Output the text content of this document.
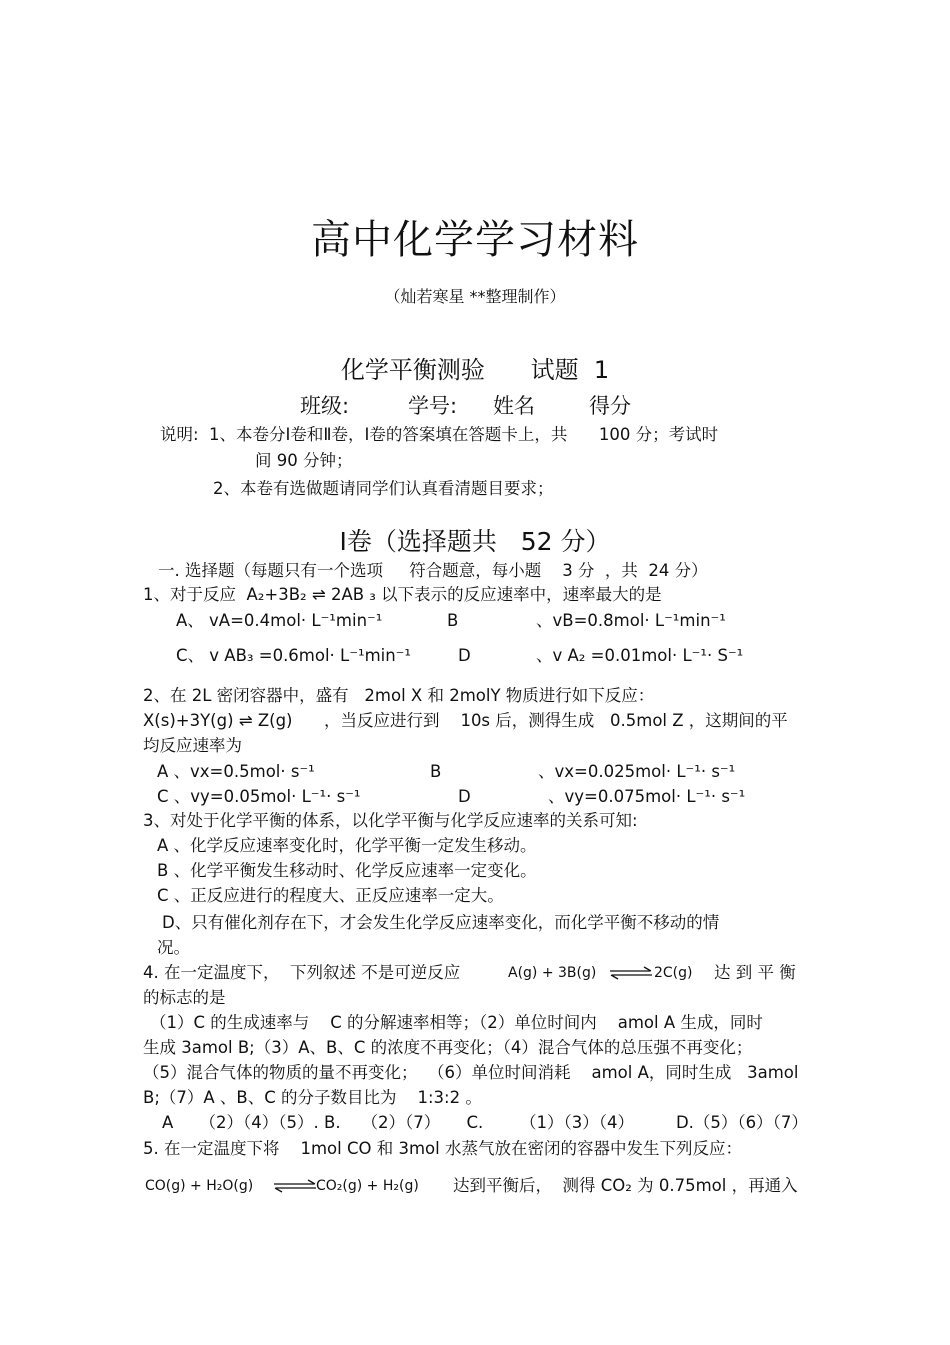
高中化学学习材料
（灿若寒星 **整理制作）
化学平衡测验      试题  1
班级:	学号: 姓名	得分
说明:  1、本卷分Ⅰ卷和Ⅱ卷，Ⅰ卷的答案填在答题卡上，共      100 分；考试时
间 90 分钟；
2、本卷有选做题请同学们认真看清题目要求；
Ⅰ卷（选择题共   52 分）
一. 选择题（每题只有一个选项     符合题意，每小题    3 分  ，共  24 分）
1、对于反应  A₂+3B₂ ⇌ 2AB ₃ 以下表示的反应速率中，速率最大的是
A、 vA=0.4mol· L⁻¹min⁻¹	B	、vB=0.8mol· L⁻¹min⁻¹
C、 v AB₃ =0.6mol· L⁻¹min⁻¹	D	、v A₂ =0.01mol· L⁻¹· S⁻¹
2、在 2L 密闭容器中，盛有   2mol X 和 2molY 物质进行如下反应：
X(s)+3Y(g) ⇌ Z(g)      ，当反应进行到    10s 后，测得生成   0.5mol Z ，这期间的平
均反应速率为
A 、vx=0.5mol· s⁻¹	B	、vx=0.025mol· L⁻¹· s⁻¹
C 、vy=0.05mol· L⁻¹· s⁻¹	D	、vy=0.075mol· L⁻¹· s⁻¹
3、对处于化学平衡的体系，以化学平衡与化学反应速率的关系可知:
A 、化学反应速率变化时，化学平衡一定发生移动。
B 、化学平衡发生移动时、化学反应速率一定变化。
C 、正反应进行的程度大、正反应速率一定大。
D、只有催化剂存在下，才会发生化学反应速率变化，而化学平衡不移动的情
况。
4. 在一定温度下，  下列叙述 不是可逆反应	A(g) + 3B(g) ⇌ 2C(g) 达 到 平 衡
的标志的是
（1）C 的生成速率与    C 的分解速率相等；（2）单位时间内    amol A 生成，同时
生成 3amol B;（3）A、B、C 的浓度不再变化；（4）混合气体的总压强不再变化；
（5）混合气体的物质的量不再变化；  （6）单位时间消耗    amol A，同时生成   3amol
B;（7）A 、B、C 的分子数目比为    1:3:2 。
A     （2）（4）（5）. B.    （2）（7）     C.       （1）（3）（4）        D.（5）（6）（7）
5. 在一定温度下将    1mol CO 和 3mol 水蒸气放在密闭的容器中发生下列反应：
CO(g) + H₂O(g) ⇌
CO₂(g) + H₂(g) 达到平衡后，  测得 CO₂ 为 0.75mol ，再通入
